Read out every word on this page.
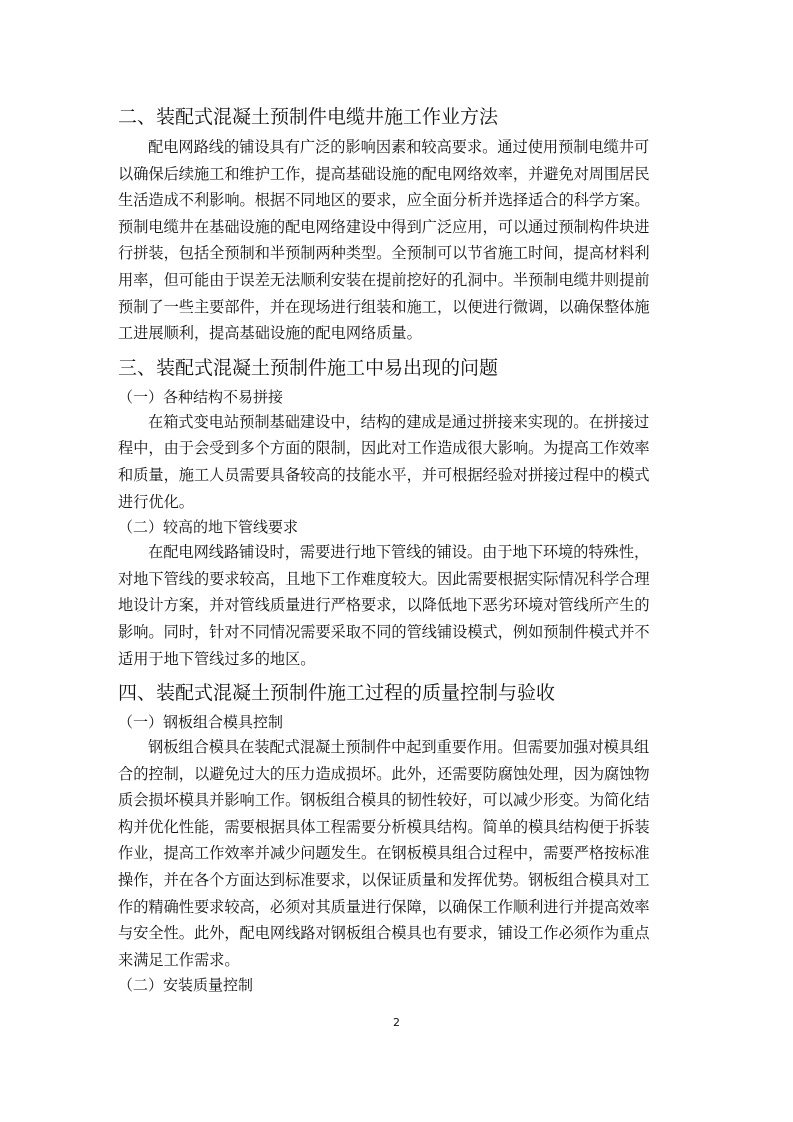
二、装配式混凝土预制件电缆井施工作业方法
配电网路线的铺设具有广泛的影响因素和较高要求。通过使用预制电缆井可
以确保后续施工和维护工作，提高基础设施的配电网络效率，并避免对周围居民
生活造成不利影响。根据不同地区的要求，应全面分析并选择适合的科学方案。
预制电缆井在基础设施的配电网络建设中得到广泛应用，可以通过预制构件块进
行拼装，包括全预制和半预制两种类型。全预制可以节省施工时间，提高材料利
用率，但可能由于误差无法顺利安装在提前挖好的孔洞中。半预制电缆井则提前
预制了一些主要部件，并在现场进行组装和施工，以便进行微调，以确保整体施
工进展顺利，提高基础设施的配电网络质量。
三、装配式混凝土预制件施工中易出现的问题
（一）各种结构不易拼接
在箱式变电站预制基础建设中，结构的建成是通过拼接来实现的。在拼接过
程中，由于会受到多个方面的限制，因此对工作造成很大影响。为提高工作效率
和质量，施工人员需要具备较高的技能水平，并可根据经验对拼接过程中的模式
进行优化。
（二）较高的地下管线要求
在配电网线路铺设时，需要进行地下管线的铺设。由于地下环境的特殊性，
对地下管线的要求较高，且地下工作难度较大。因此需要根据实际情况科学合理
地设计方案，并对管线质量进行严格要求，以降低地下恶劣环境对管线所产生的
影响。同时，针对不同情况需要采取不同的管线铺设模式，例如预制件模式并不
适用于地下管线过多的地区。
四、装配式混凝土预制件施工过程的质量控制与验收
（一）钢板组合模具控制
钢板组合模具在装配式混凝土预制件中起到重要作用。但需要加强对模具组
合的控制，以避免过大的压力造成损坏。此外，还需要防腐蚀处理，因为腐蚀物
质会损坏模具并影响工作。钢板组合模具的韧性较好，可以减少形变。为简化结
构并优化性能，需要根据具体工程需要分析模具结构。简单的模具结构便于拆装
作业，提高工作效率并减少问题发生。在钢板模具组合过程中，需要严格按标准
操作，并在各个方面达到标准要求，以保证质量和发挥优势。钢板组合模具对工
作的精确性要求较高，必须对其质量进行保障，以确保工作顺利进行并提高效率
与安全性。此外，配电网线路对钢板组合模具也有要求，铺设工作必须作为重点
来满足工作需求。
（二）安装质量控制
2
